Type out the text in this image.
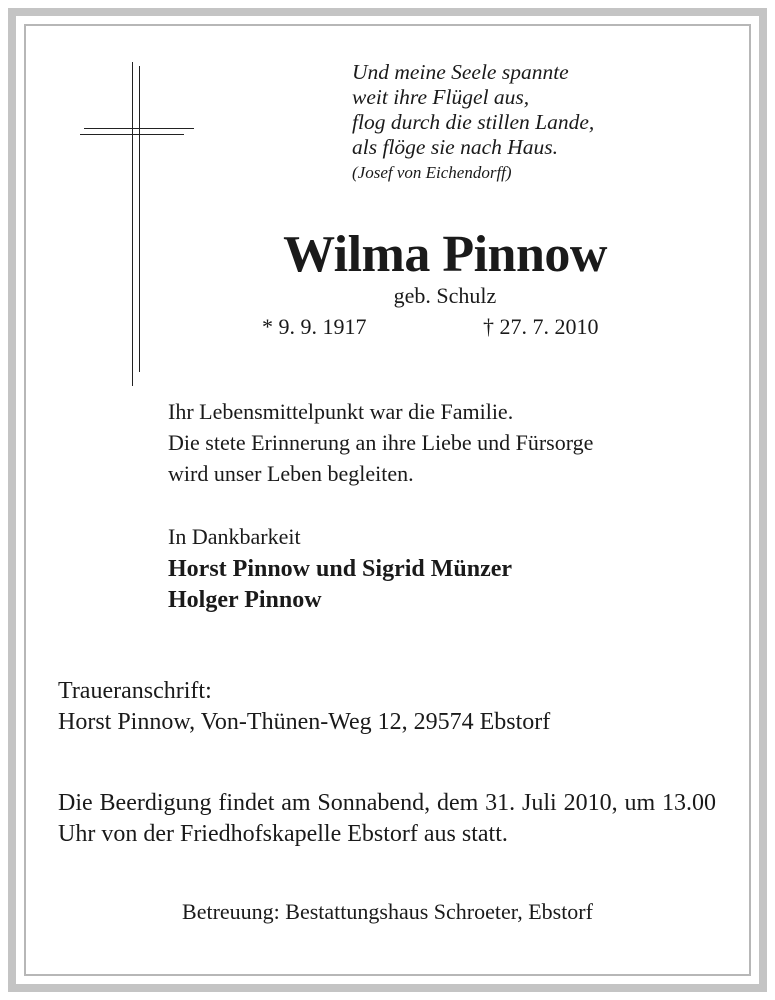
Und meine Seele spannte
weit ihre Flügel aus,
flog durch die stillen Lande,
als flöge sie nach Haus.
(Josef von Eichendorff)
Wilma Pinnow
geb. Schulz
* 9. 9. 1917	† 27. 7. 2010
Ihr Lebensmittelpunkt war die Familie.
Die stete Erinnerung an ihre Liebe und Fürsorge
wird unser Leben begleiten.
In Dankbarkeit
Horst Pinnow und Sigrid Münzer
Holger Pinnow
Traueranschrift:
Horst Pinnow, Von-Thünen-Weg 12, 29574 Ebstorf
Die Beerdigung findet am Sonnabend, dem 31. Juli 2010, um 13.00 Uhr von der Friedhofskapelle Ebstorf aus statt.
Betreuung: Bestattungshaus Schroeter, Ebstorf
